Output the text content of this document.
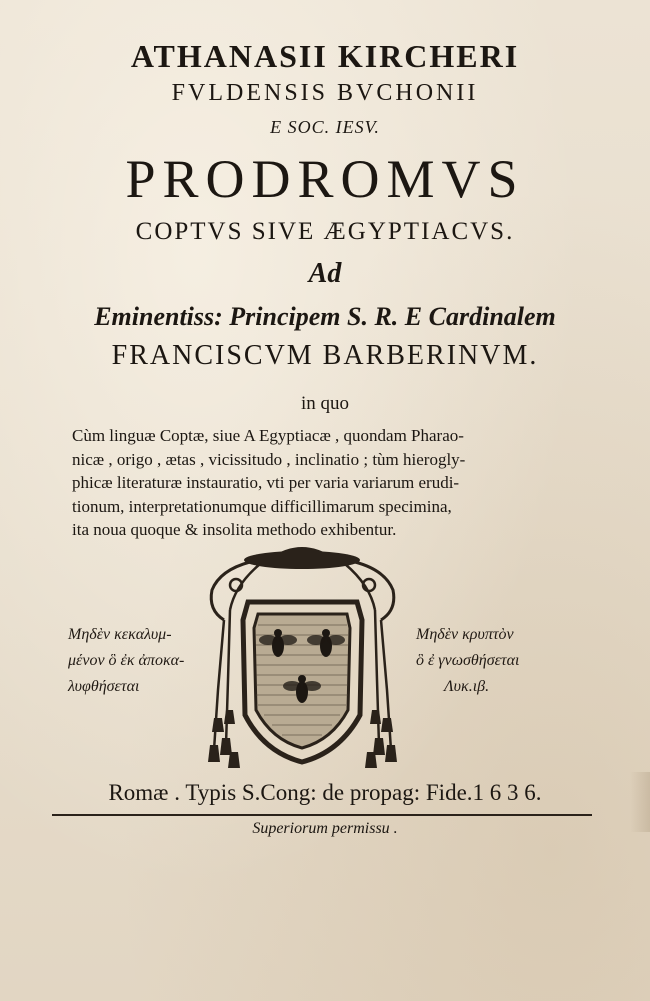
ATHANASII KIRCHERI
FVLDENSIS BVCHONII
E SOC. IESV.
PRODROMVS
COPTVS SIVE ÆGYPTIACVS.
Ad
Eminentiss: Principem S. R. E Cardinalem
FRANCISCVM BARBERINVM.
in quo

Cùm linguæ Coptæ, siue A Egyptiacæ , quondam Pharao-
nicæ , origo , ætas , vicissitudo , inclinatio ; tùm hierogly-
phicæ literaturæ instauratio, vti per varia variarum erudi-
tionum, interpretationumque difficillimarum specimina,
ita noua quoque & insolita methodo exhibentur.

Μηδὲν κεκαλυμ-
μένον ὃ ἐκ ἀποκα-
λυφθήσεται
Μηδὲν κρυπτὸν
ὃ ἐ γνωσθήσεται
Λυκ.ιβ.
Romæ . Typis S.Cong: de propag: Fide.1 6 3 6.
Superiorum permissu .
